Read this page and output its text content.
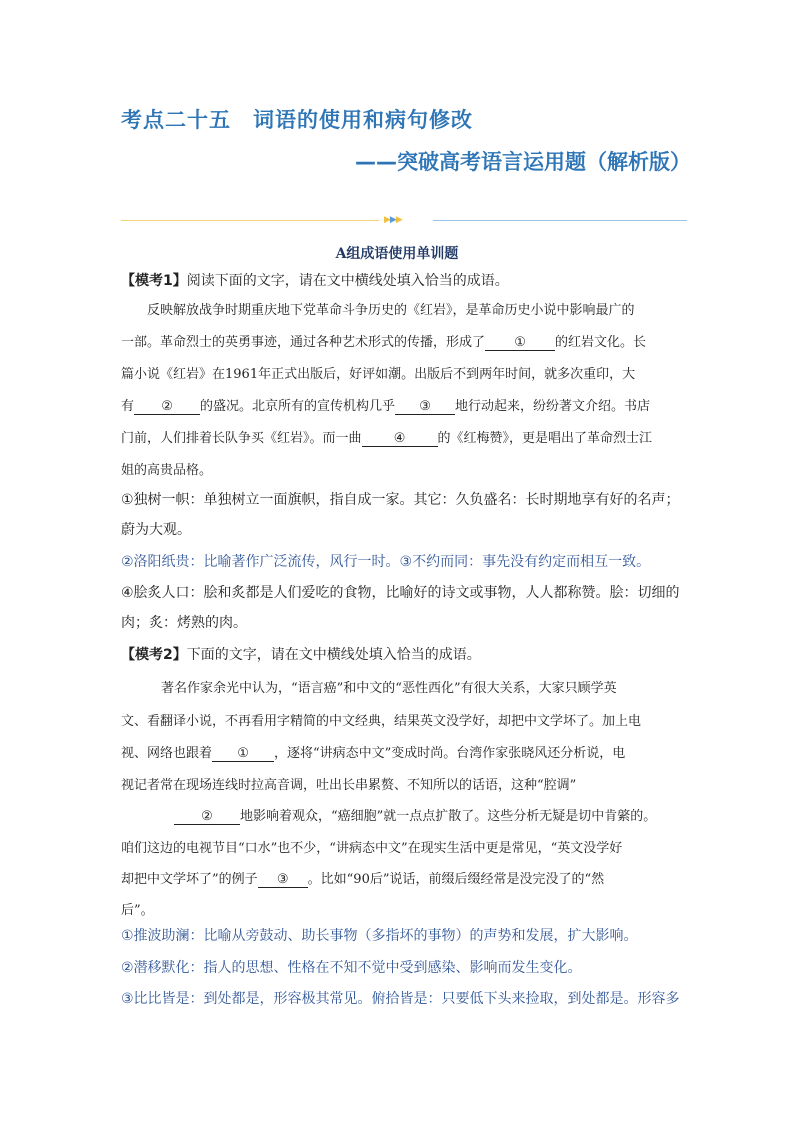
考点二十五 词语的使用和病句修改
——突破高考语言运用题（解析版）
▶▶▶
A组成语使用单训题
【模考1】阅读下面的文字，请在文中横线处填入恰当的成语。
反映解放战争时期重庆地下党革命斗争历史的《红岩》，是革命历史小说中影响最广的
一部。革命烈士的英勇事迹，通过各种艺术形式的传播，形成了 ① 的红岩文化。长
篇小说《红岩》在1961年正式出版后，好评如潮。出版后不到两年时间，就多次重印，大
有 ② 的盛况。北京所有的宣传机构几乎 ③ 地行动起来，纷纷著文介绍。书店
门前，人们排着长队争买《红岩》。而一曲 ④ 的《红梅赞》，更是唱出了革命烈士江
姐的高贵品格。
①独树一帜：单独树立一面旗帜，指自成一家。其它：久负盛名：长时期地享有好的名声；
蔚为大观。
②洛阳纸贵：比喻著作广泛流传，风行一时。③不约而同：事先没有约定而相互一致。
④脍炙人口：脍和炙都是人们爱吃的食物，比喻好的诗文或事物，人人都称赞。脍：切细的
肉；炙：烤熟的肉。
【模考2】下面的文字，请在文中横线处填入恰当的成语。
著名作家余光中认为，“语言癌”和中文的“恶性西化”有很大关系，大家只顾学英
文、看翻译小说，不再看用字精简的中文经典，结果英文没学好，却把中文学坏了。加上电
视、网络也跟着 ① ，逐将“讲病态中文”变成时尚。台湾作家张晓风还分析说，电
视记者常在现场连线时拉高音调，吐出长串累赘、不知所以的话语，这种“腔调”
② 地影响着观众，“癌细胞”就一点点扩散了。这些分析无疑是切中肯綮的。
咱们这边的电视节目“口水”也不少，“讲病态中文”在现实生活中更是常见，“英文没学好
却把中文学坏了”的例子 ③ 。比如“90后”说话，前缀后缀经常是没完没了的“然
后”。
①推波助澜：比喻从旁鼓动、助长事物（多指坏的事物）的声势和发展，扩大影响。
②潜移默化：指人的思想、性格在不知不觉中受到感染、影响而发生变化。
③比比皆是：到处都是，形容极其常见。俯拾皆是：只要低下头来捡取，到处都是。形容多
